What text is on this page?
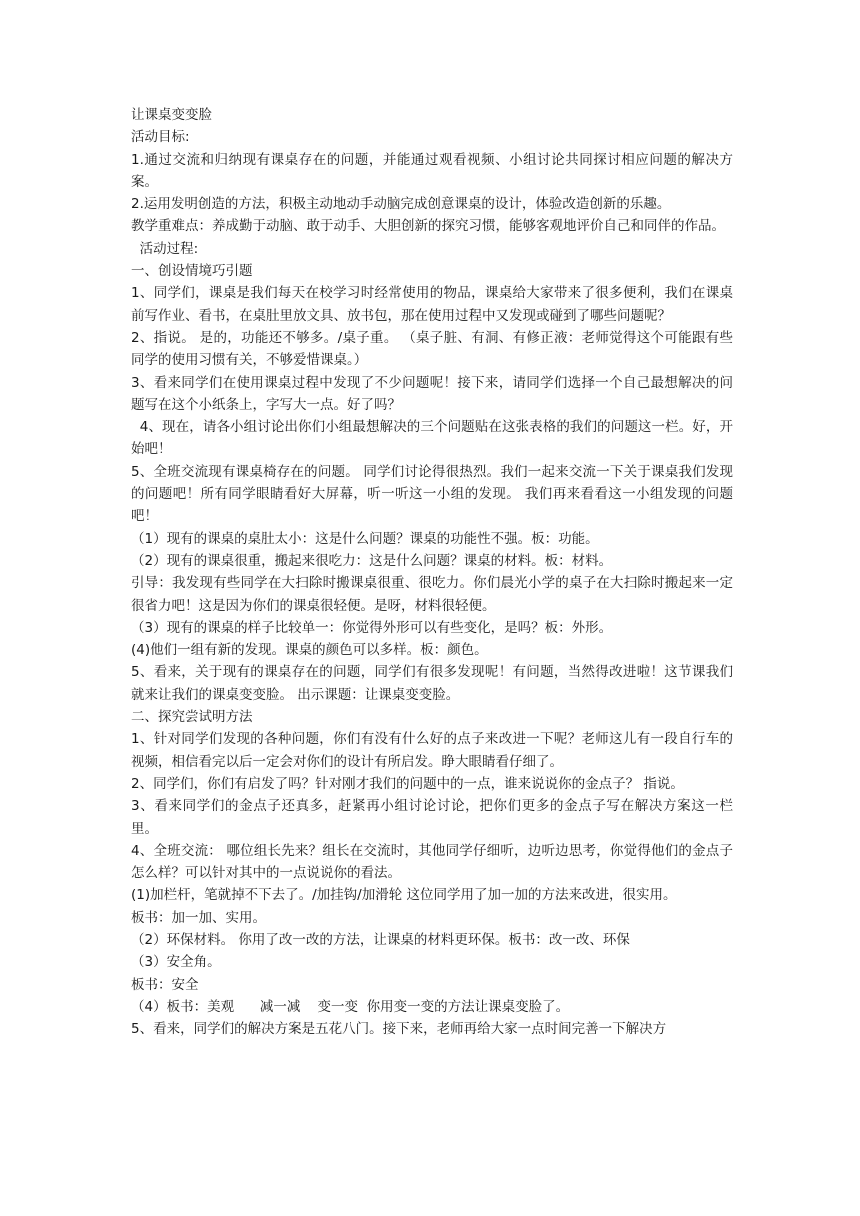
让课桌变变脸

活动目标:

1.通过交流和归纳现有课桌存在的问题，并能通过观看视频、小组讨论共同探讨相应问题的解决方案。

2.运用发明创造的方法，积极主动地动手动脑完成创意课桌的设计，体验改造创新的乐趣。

教学重难点：养成勤于动脑、敢于动手、大胆创新的探究习惯，能够客观地评价自己和同伴的作品。

活动过程:

一、创设情境巧引题

1、同学们，课桌是我们每天在校学习时经常使用的物品，课桌给大家带来了很多便利，我们在课桌前写作业、看书，在桌肚里放文具、放书包，那在使用过程中又发现或碰到了哪些问题呢？

2、指说。 是的，功能还不够多。/桌子重。 （桌子脏、有洞、有修正液：老师觉得这个可能跟有些同学的使用习惯有关，不够爱惜课桌。）

3、看来同学们在使用课桌过程中发现了不少问题呢！接下来，请同学们选择一个自己最想解决的问题写在这个小纸条上，字写大一点。好了吗？

4、现在，请各小组讨论出你们小组最想解决的三个问题贴在这张表格的我们的问题这一栏。好，开始吧！

5、全班交流现有课桌椅存在的问题。 同学们讨论得很热烈。我们一起来交流一下关于课桌我们发现的问题吧！所有同学眼睛看好大屏幕，听一听这一小组的发现。 我们再来看看这一小组发现的问题吧！

（1）现有的课桌的桌肚太小：这是什么问题？课桌的功能性不强。板：功能。

（2）现有的课桌很重，搬起来很吃力：这是什么问题？课桌的材料。板：材料。

引导：我发现有些同学在大扫除时搬课桌很重、很吃力。你们晨光小学的桌子在大扫除时搬起来一定很省力吧！这是因为你们的课桌很轻便。是呀，材料很轻便。

（3）现有的课桌的样子比较单一：你觉得外形可以有些变化，是吗？板：外形。

(4)他们一组有新的发现。课桌的颜色可以多样。板：颜色。

5、看来，关于现有的课桌存在的问题，同学们有很多发现呢！有问题，当然得改进啦！这节课我们就来让我们的课桌变变脸。 出示课题：让课桌变变脸。

二、探究尝试明方法

1、针对同学们发现的各种问题，你们有没有什么好的点子来改进一下呢？老师这儿有一段自行车的视频，相信看完以后一定会对你们的设计有所启发。睁大眼睛看仔细了。

2、同学们，你们有启发了吗？针对刚才我们的问题中的一点，谁来说说你的金点子？ 指说。

3、看来同学们的金点子还真多，赶紧再小组讨论讨论，把你们更多的金点子写在解决方案这一栏里。

4、全班交流： 哪位组长先来？组长在交流时，其他同学仔细听，边听边思考，你觉得他们的金点子怎么样？可以针对其中的一点说说你的看法。

(1)加栏杆，笔就掉不下去了。/加挂钩/加滑轮 这位同学用了加一加的方法来改进，很实用。

板书：加一加、实用。

（2）环保材料。 你用了改一改的方法，让课桌的材料更环保。板书：改一改、环保

（3）安全角。

板书：安全

（4）板书：美观      减一减    变一变  你用变一变的方法让课桌变脸了。

5、看来，同学们的解决方案是五花八门。接下来，老师再给大家一点时间完善一下解决方
